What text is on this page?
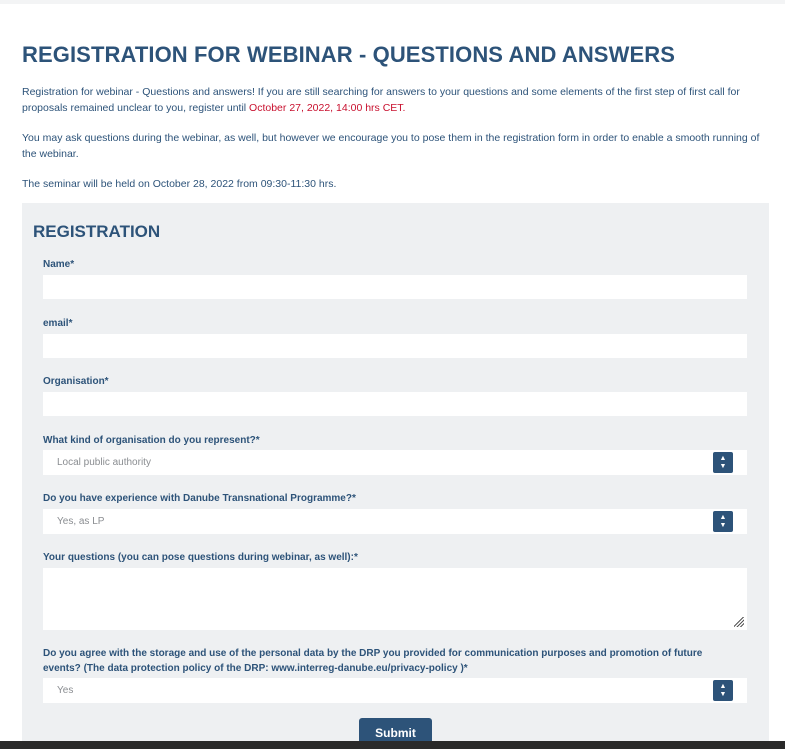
REGISTRATION FOR WEBINAR - QUESTIONS AND ANSWERS

Registration for webinar - Questions and answers! If you are still searching for answers to your questions and some elements of the first step of first call for proposals remained unclear to you, register until October 27, 2022, 14:00 hrs CET.

You may ask questions during the webinar, as well, but however we encourage you to pose them in the registration form in order to enable a smooth running of the webinar.

The seminar will be held on October 28, 2022 from 09:30-11:30 hrs.

REGISTRATION
Name*
email*
Organisation*
What kind of organisation do you represent?*
Local public authority	▲
▼
Do you have experience with Danube Transnational Programme?*
Yes, as LP	▲
▼
Your questions (you can pose questions during webinar, as well):*
Do you agree with the storage and use of the personal data by the DRP you provided for communication purposes and promotion of future events? (The data protection policy of the DRP: www.interreg-danube.eu/privacy-policy )*
Yes	▲
▼
Submit
